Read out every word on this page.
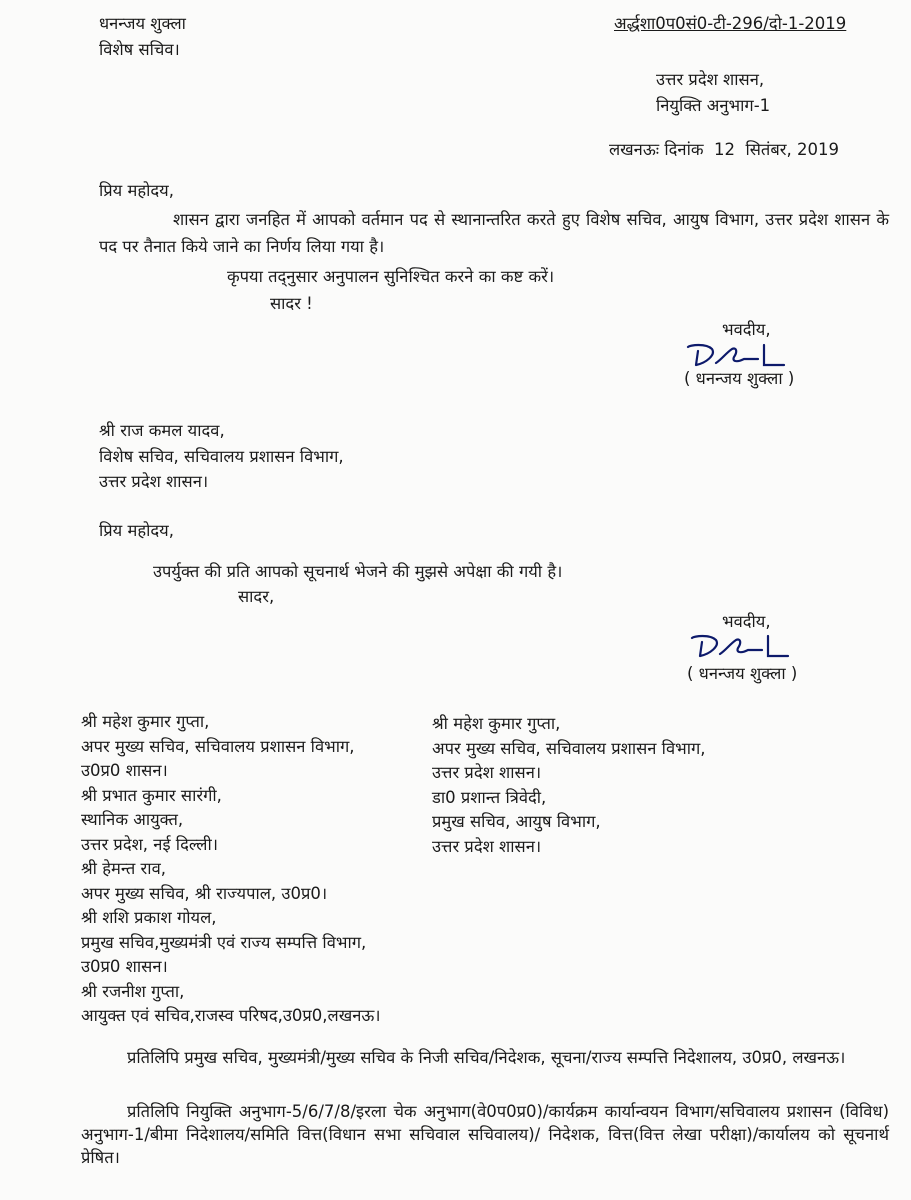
धनन्जय शुक्ला
विशेष सचिव।
अर्द्धशा0प0सं0-टी-296/दो-1-2019
उत्तर प्रदेश शासन,
नियुक्ति अनुभाग-1
लखनऊः दिनांक  12  सितंबर, 2019
प्रिय महोदय,
शासन द्वारा जनहित में आपको वर्तमान पद से स्थानान्तरित करते हुए विशेष सचिव, आयुष विभाग, उत्तर प्रदेश शासन के पद पर तैनात किये जाने का निर्णय लिया गया है।
कृपया तद्नुसार अनुपालन सुनिश्चित करने का कष्ट करें।
सादर !
भवदीय,
( धनन्जय शुक्ला )
श्री राज कमल यादव,
विशेष सचिव, सचिवालय प्रशासन विभाग,
उत्तर प्रदेश शासन।
प्रिय महोदय,
उपर्युक्त की प्रति आपको सूचनार्थ भेजने की मुझसे अपेक्षा की गयी है।
सादर,
भवदीय,
( धनन्जय शुक्ला )
श्री महेश कुमार गुप्ता,
अपर मुख्य सचिव, सचिवालय प्रशासन विभाग,
उ0प्र0 शासन।
श्री प्रभात कुमार सारंगी,
स्थानिक आयुक्त,
उत्तर प्रदेश, नई दिल्ली।
श्री हेमन्त राव,
अपर मुख्य सचिव, श्री राज्यपाल, उ0प्र0।
श्री शशि प्रकाश गोयल,
प्रमुख सचिव,मुख्यमंत्री एवं राज्य सम्पत्ति विभाग,
उ0प्र0 शासन।
श्री रजनीश गुप्ता,
आयुक्त एवं सचिव,राजस्व परिषद,उ0प्र0,लखनऊ।
श्री महेश कुमार गुप्ता,
अपर मुख्य सचिव, सचिवालय प्रशासन विभाग,
उत्तर प्रदेश शासन।
डा0 प्रशान्त त्रिवेदी,
प्रमुख सचिव, आयुष विभाग,
उत्तर प्रदेश शासन।
प्रतिलिपि प्रमुख सचिव, मुख्यमंत्री/मुख्य सचिव के निजी सचिव/निदेशक, सूचना/राज्य सम्पत्ति निदेशालय, उ0प्र0, लखनऊ।
प्रतिलिपि नियुक्ति अनुभाग-5/6/7/8/इरला चेक अनुभाग(वे0प0प्र0)/कार्यक्रम कार्यान्वयन विभाग/सचिवालय प्रशासन (विविध) अनुभाग-1/बीमा निदेशालय/समिति वित्त(विधान सभा सचिवाल सचिवालय)/ निदेशक, वित्त(वित्त लेखा परीक्षा)/कार्यालय को सूचनार्थ प्रेषित।
